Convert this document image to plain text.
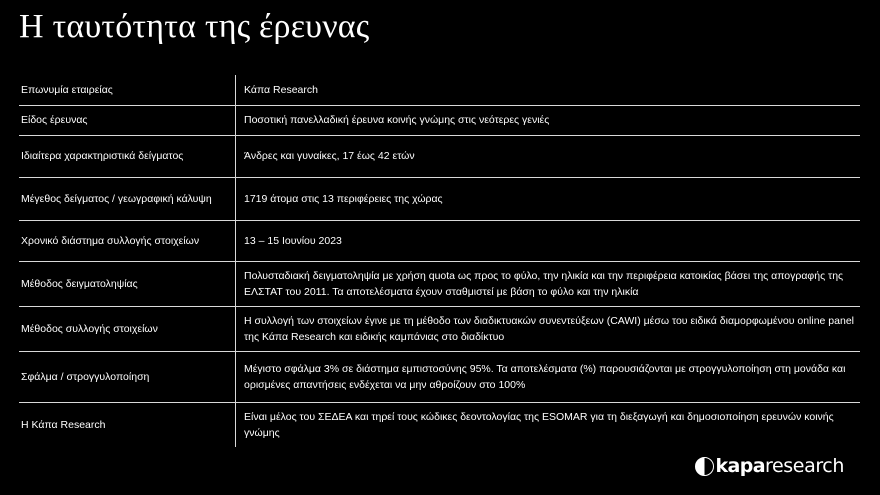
Η ταυτότητα της έρευνας
Επωνυμία εταιρείας	Κάπα Research
Είδος έρευνας	Ποσοτική πανελλαδική έρευνα κοινής γνώμης στις νεότερες γενιές
Ιδιαίτερα χαρακτηριστικά δείγματος	Άνδρες και γυναίκες, 17 έως 42 ετών
Μέγεθος δείγματος / γεωγραφική κάλυψη	1719 άτομα στις 13 περιφέρειες της χώρας
Χρονικό διάστημα συλλογής στοιχείων	13 – 15 Ιουνίου 2023
Μέθοδος δειγματοληψίας	Πολυσταδιακή δειγματοληψία με χρήση quota ως προς το φύλο, την ηλικία και την περιφέρεια κατοικίας βάσει της απογραφής της ΕΛΣΤΑΤ του 2011. Τα αποτελέσματα έχουν σταθμιστεί με βάση το φύλο και την ηλικία
Μέθοδος συλλογής στοιχείων	Η συλλογή των στοιχείων έγινε με τη μέθοδο των διαδικτυακών συνεντεύξεων (CAWI) μέσω του ειδικά διαμορφωμένου online panel της Κάπα Research και ειδικής καμπάνιας στο διαδίκτυο
Σφάλμα / στρογγυλοποίηση	Μέγιστο σφάλμα 3% σε διάστημα εμπιστοσύνης 95%. Τα αποτελέσματα (%) παρουσιάζονται με στρογγυλοποίηση στη μονάδα και ορισμένες απαντήσεις ενδέχεται να μην αθροίζουν στο 100%
Η Κάπα Research	Είναι μέλος του ΣΕΔΕΑ και τηρεί τους κώδικες δεοντολογίας της ESOMAR για τη διεξαγωγή και δημοσιοποίηση ερευνών κοινής γνώμης
kapa research
